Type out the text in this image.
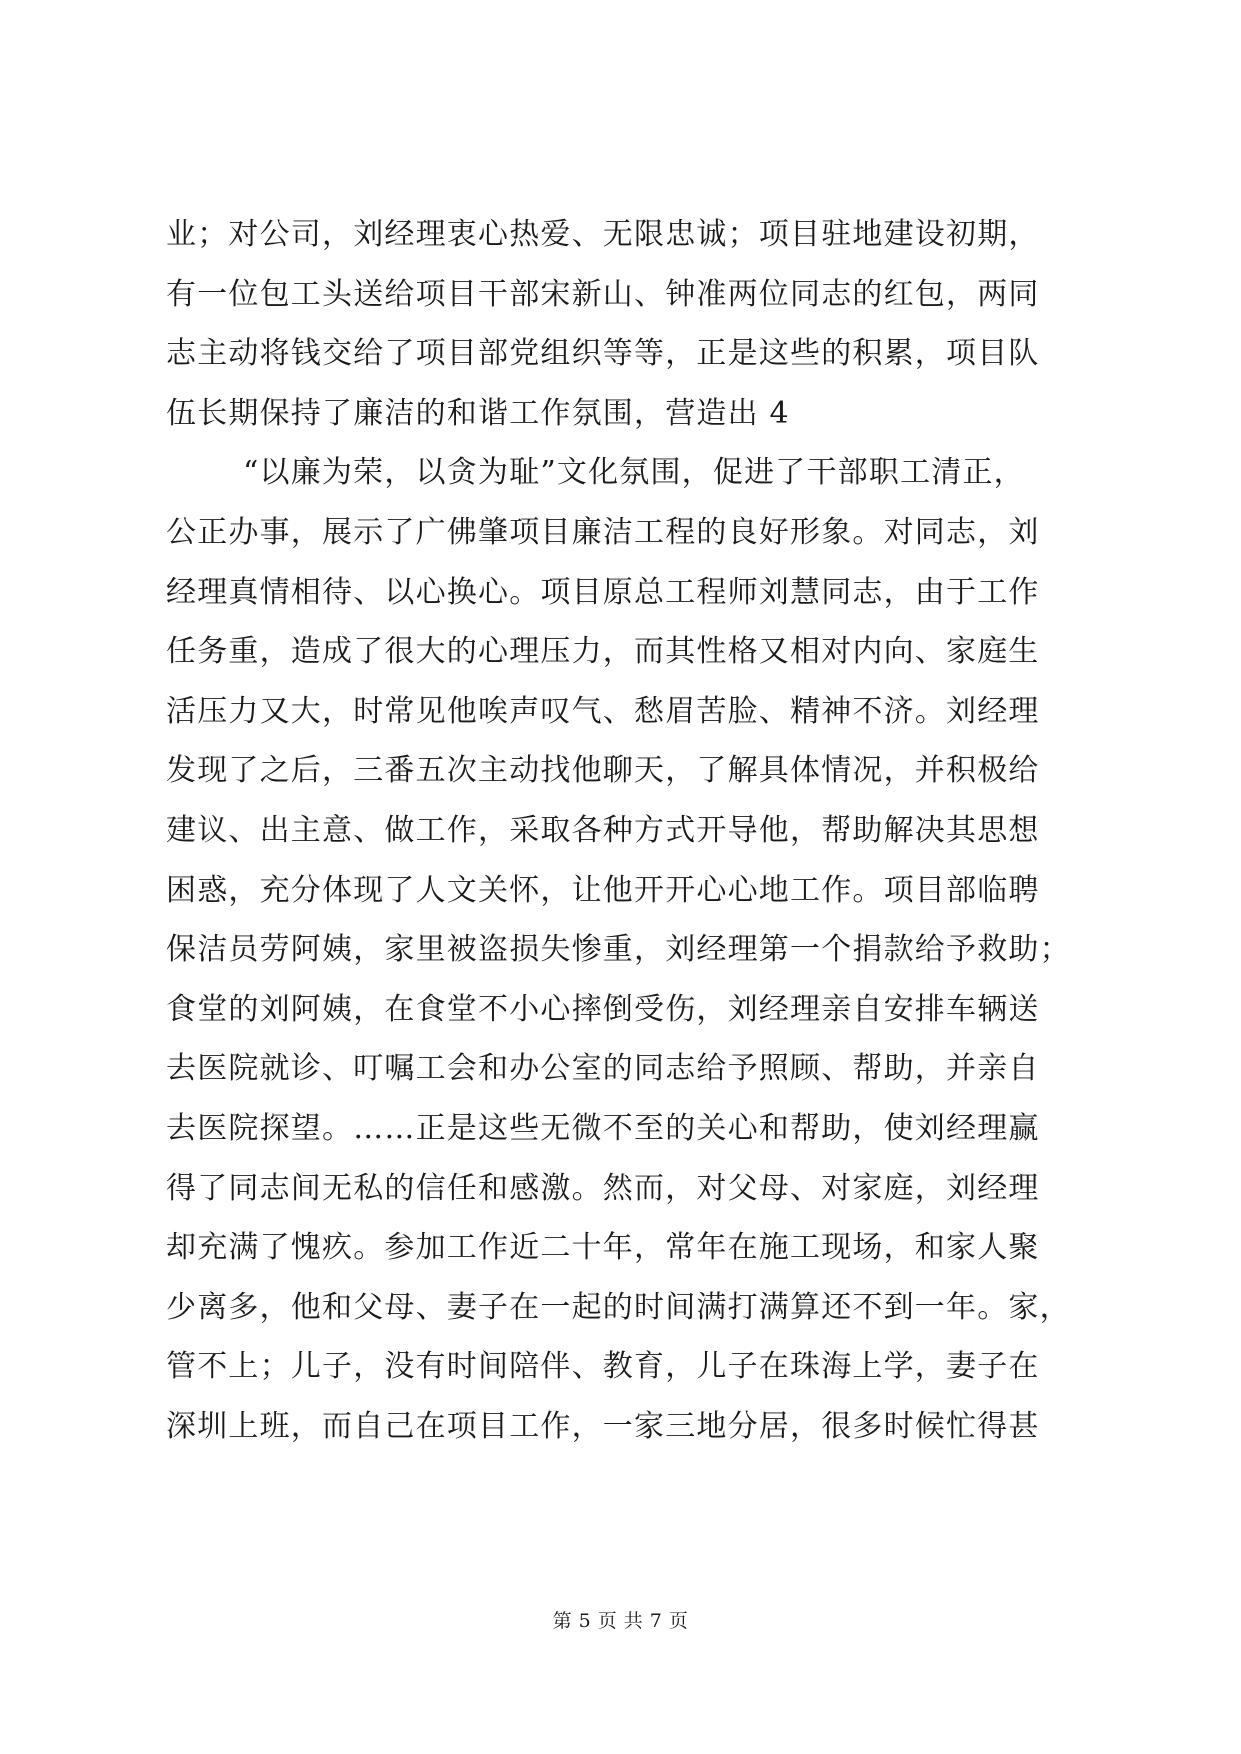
业；对公司，刘经理衷心热爱、无限忠诚；项目驻地建设初期，
有一位包工头送给项目干部宋新山、钟准两位同志的红包，两同
志主动将钱交给了项目部党组织等等，正是这些的积累，项目队
伍长期保持了廉洁的和谐工作氛围，营造出 4
“以廉为荣，以贪为耻”文化氛围，促进了干部职工清正，
公正办事，展示了广佛肇项目廉洁工程的良好形象。对同志，刘
经理真情相待、以心换心。项目原总工程师刘慧同志，由于工作
任务重，造成了很大的心理压力，而其性格又相对内向、家庭生
活压力又大，时常见他唉声叹气、愁眉苦脸、精神不济。刘经理
发现了之后，三番五次主动找他聊天，了解具体情况，并积极给
建议、出主意、做工作，采取各种方式开导他，帮助解决其思想
困惑，充分体现了人文关怀，让他开开心心地工作。项目部临聘
保洁员劳阿姨，家里被盗损失惨重，刘经理第一个捐款给予救助；
食堂的刘阿姨，在食堂不小心摔倒受伤，刘经理亲自安排车辆送
去医院就诊、叮嘱工会和办公室的同志给予照顾、帮助，并亲自
去医院探望。……正是这些无微不至的关心和帮助，使刘经理赢
得了同志间无私的信任和感激。然而，对父母、对家庭，刘经理
却充满了愧疚。参加工作近二十年，常年在施工现场，和家人聚
少离多，他和父母、妻子在一起的时间满打满算还不到一年。家，
管不上；儿子，没有时间陪伴、教育，儿子在珠海上学，妻子在
深圳上班，而自己在项目工作，一家三地分居，很多时候忙得甚
第 5 页 共 7 页
